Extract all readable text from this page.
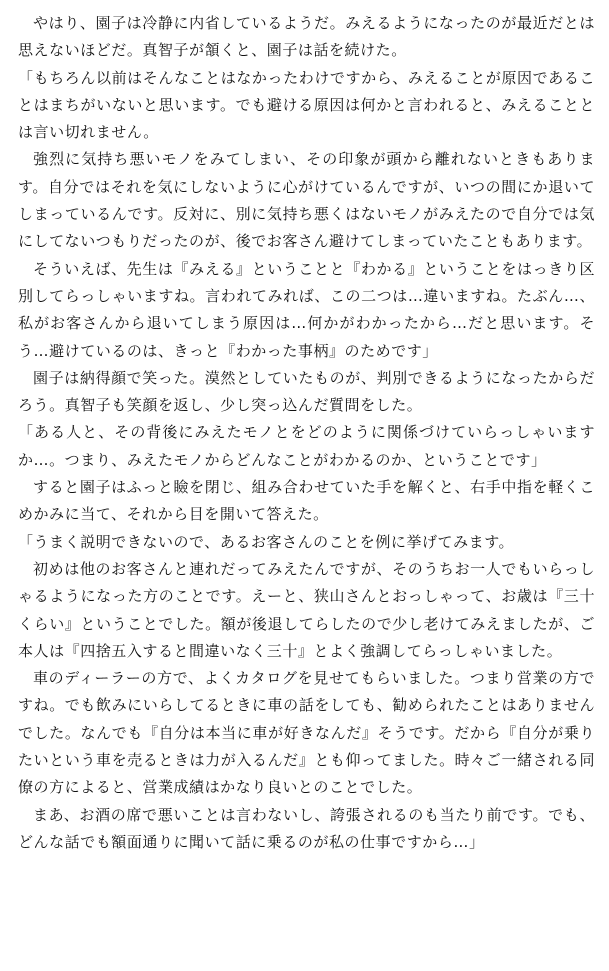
やはり、園子は冷静に内省しているようだ。みえるようになったのが最近だとは思えないほどだ。真智子が頷くと、園子は話を続けた。

「もちろん以前はそんなことはなかったわけですから、みえることが原因であることはまちがいないと思います。でも避ける原因は何かと言われると、みえることとは言い切れません。

強烈に気持ち悪いモノをみてしまい、その印象が頭から離れないときもあります。自分ではそれを気にしないように心がけているんですが、いつの間にか退いてしまっているんです。反対に、別に気持ち悪くはないモノがみえたので自分では気にしてないつもりだったのが、後でお客さん避けてしまっていたこともあります。

そういえば、先生は『みえる』ということと『わかる』ということをはっきり区別してらっしゃいますね。言われてみれば、この二つは…違いますね。たぶん…、私がお客さんから退いてしまう原因は…何かがわかったから…だと思います。そう…避けているのは、きっと『わかった事柄』のためです」

園子は納得顔で笑った。漠然としていたものが、判別できるようになったからだろう。真智子も笑顔を返し、少し突っ込んだ質問をした。

「ある人と、その背後にみえたモノとをどのように関係づけていらっしゃいますか…。つまり、みえたモノからどんなことがわかるのか、ということです」

すると園子はふっと瞼を閉じ、組み合わせていた手を解くと、右手中指を軽くこめかみに当て、それから目を開いて答えた。

「うまく説明できないので、あるお客さんのことを例に挙げてみます。

初めは他のお客さんと連れだってみえたんですが、そのうちお一人でもいらっしゃるようになった方のことです。えーと、狭山さんとおっしゃって、お歳は『三十くらい』ということでした。額が後退してらしたので少し老けてみえましたが、ご本人は『四捨五入すると間違いなく三十』とよく強調してらっしゃいました。

車のディーラーの方で、よくカタログを見せてもらいました。つまり営業の方ですね。でも飲みにいらしてるときに車の話をしても、勧められたことはありませんでした。なんでも『自分は本当に車が好きなんだ』そうです。だから『自分が乗りたいという車を売るときは力が入るんだ』とも仰ってました。時々ご一緒される同僚の方によると、営業成績はかなり良いとのことでした。

まあ、お酒の席で悪いことは言わないし、誇張されるのも当たり前です。でも、どんな話でも額面通りに聞いて話に乗るのが私の仕事ですから…」
